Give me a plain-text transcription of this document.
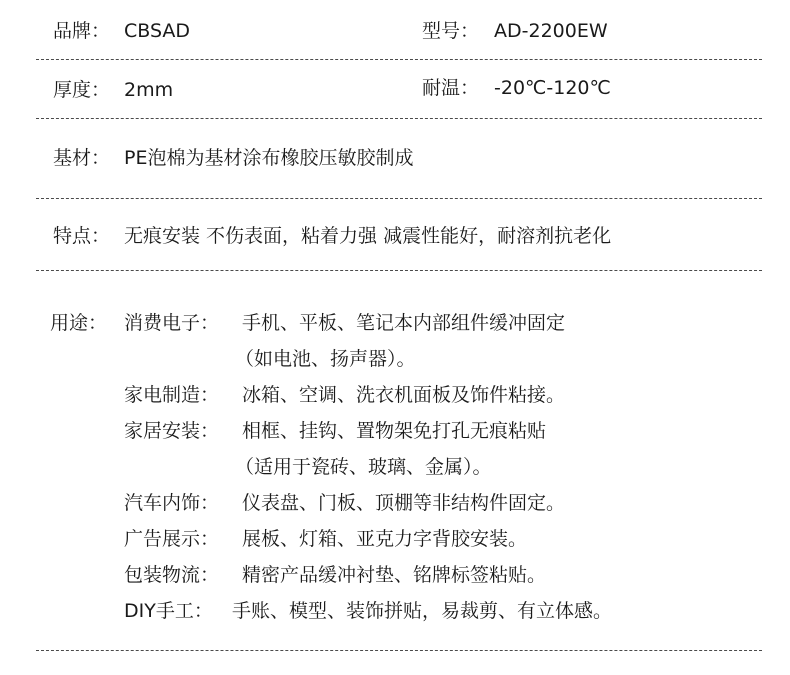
品牌： CBSAD	型号： AD-2200EW
厚度： 2mm	耐温： -20℃-120℃
基材： PE泡棉为基材涂布橡胶压敏胶制成
特点： 无痕安装 不伤表面，粘着力强 减震性能好，耐溶剂抗老化
用途： 消费电子： 手机、平板、笔记本内部组件缓冲固定
（如电池、扬声器）。
家电制造： 冰箱、空调、洗衣机面板及饰件粘接。
家居安装： 相框、挂钩、置物架免打孔无痕粘贴
（适用于瓷砖、玻璃、金属）。
汽车内饰： 仪表盘、门板、顶棚等非结构件固定。
广告展示： 展板、灯箱、亚克力字背胶安装。
包装物流： 精密产品缓冲衬垫、铭牌标签粘贴。
DIY手工： 手账、模型、装饰拼贴，易裁剪、有立体感。
